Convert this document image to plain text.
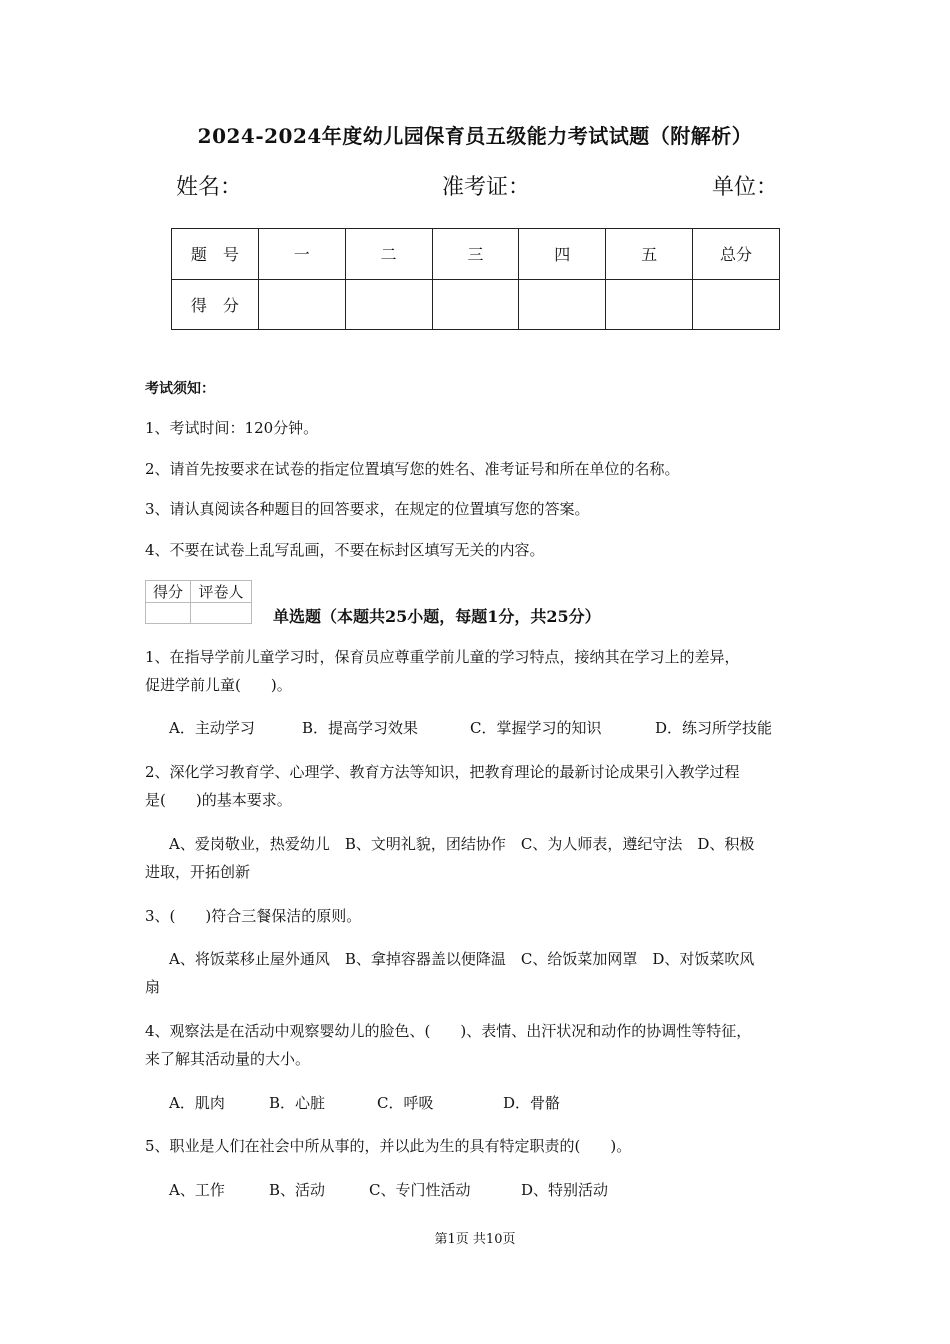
2024-2024年度幼儿园保育员五级能力考试试题（附解析）
姓名：	准考证：	单位：
题　号	一	二	三	四	五	总分
得　分						
考试须知：
1、考试时间：120分钟。
2、请首先按要求在试卷的指定位置填写您的姓名、准考证号和所在单位的名称。
3、请认真阅读各种题目的回答要求，在规定的位置填写您的答案。
4、不要在试卷上乱写乱画，不要在标封区填写无关的内容。
得分	评卷人

单选题（本题共25小题，每题1分，共25分）
1、在指导学前儿童学习时，保育员应尊重学前儿童的学习特点，接纳其在学习上的差异，
促进学前儿童(　　)。
A．主动学习	B．提高学习效果	C．掌握学习的知识	D．练习所学技能
2、深化学习教育学、心理学、教育方法等知识，把教育理论的最新讨论成果引入教学过程
是(　　)的基本要求。
A、爱岗敬业，热爱幼儿　B、文明礼貌，团结协作　C、为人师表，遵纪守法　D、积极
进取，开拓创新
3、(　　)符合三餐保洁的原则。
A、将饭菜移止屋外通风　B、拿掉容器盖以便降温　C、给饭菜加网罩　D、对饭菜吹风
扇
4、观察法是在活动中观察婴幼儿的脸色、(　　)、表情、出汗状况和动作的协调性等特征，
来了解其活动量的大小。
A．肌肉	B．心脏	C．呼吸	D．骨骼
5、职业是人们在社会中所从事的，并以此为生的具有特定职责的(　　)。
A、工作	B、活动	C、专门性活动	D、特别活动
第1页 共10页
